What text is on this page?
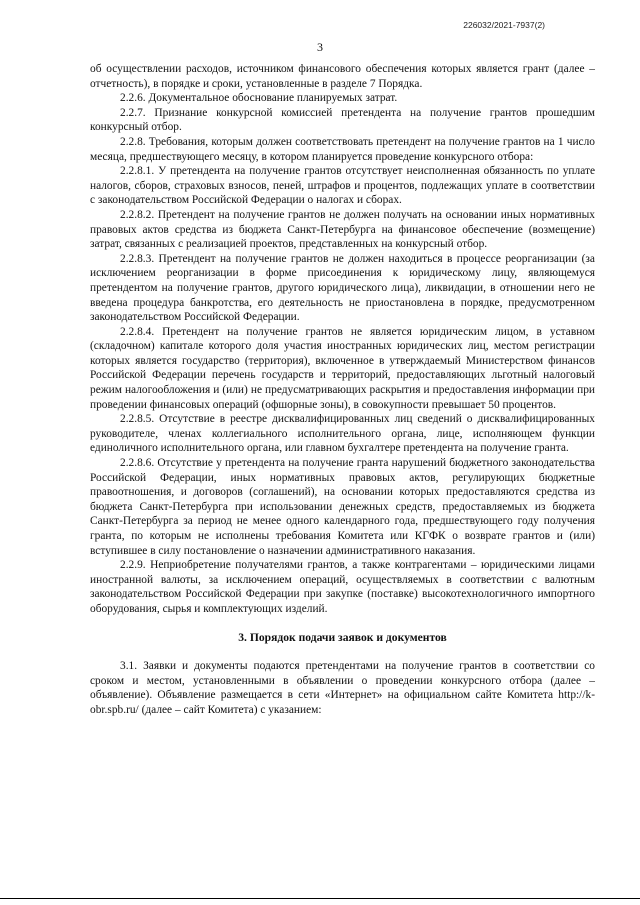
226032/2021-7937(2)
3

об осуществлении расходов, источником финансового обеспечения которых является грант (далее – отчетность), в порядке и сроки, установленные в разделе 7 Порядка.

2.2.6. Документальное обоснование планируемых затрат.

2.2.7. Признание конкурсной комиссией претендента на получение грантов прошедшим конкурсный отбор.

2.2.8. Требования, которым должен соответствовать претендент на получение грантов на 1 число месяца, предшествующего месяцу, в котором планируется проведение конкурсного отбора:

2.2.8.1. У претендента на получение грантов отсутствует неисполненная обязанность по уплате налогов, сборов, страховых взносов, пеней, штрафов и процентов, подлежащих уплате в соответствии с законодательством Российской Федерации о налогах и сборах.

2.2.8.2. Претендент на получение грантов не должен получать на основании иных нормативных правовых актов средства из бюджета Санкт-Петербурга на финансовое обеспечение (возмещение) затрат, связанных с реализацией проектов, представленных на конкурсный отбор.

2.2.8.3. Претендент на получение грантов не должен находиться в процессе реорганизации (за исключением реорганизации в форме присоединения к юридическому лицу, являющемуся претендентом на получение грантов, другого юридического лица), ликвидации, в отношении него не введена процедура банкротства, его деятельность не приостановлена в порядке, предусмотренном законодательством Российской Федерации.

2.2.8.4. Претендент на получение грантов не является юридическим лицом, в уставном (складочном) капитале которого доля участия иностранных юридических лиц, местом регистрации которых является государство (территория), включенное в утверждаемый Министерством финансов Российской Федерации перечень государств и территорий, предоставляющих льготный налоговый режим налогообложения и (или) не предусматривающих раскрытия и предоставления информации при проведении финансовых операций (офшорные зоны), в совокупности превышает 50 процентов.

2.2.8.5. Отсутствие в реестре дисквалифицированных лиц сведений о дисквалифицированных руководителе, членах коллегиального исполнительного органа, лице, исполняющем функции единоличного исполнительного органа, или главном бухгалтере претендента на получение гранта.

2.2.8.6. Отсутствие у претендента на получение гранта нарушений бюджетного законодательства Российской Федерации, иных нормативных правовых актов, регулирующих бюджетные правоотношения, и договоров (соглашений), на основании которых предоставляются средства из бюджета Санкт-Петербурга при использовании денежных средств, предоставляемых из бюджета Санкт-Петербурга за период не менее одного календарного года, предшествующего году получения гранта, по которым не исполнены требования Комитета или КГФК о возврате грантов и (или) вступившее в силу постановление о назначении административного наказания.

2.2.9. Неприобретение получателями грантов, а также контрагентами – юридическими лицами иностранной валюты, за исключением операций, осуществляемых в соответствии с валютным законодательством Российской Федерации при закупке (поставке) высокотехнологичного импортного оборудования, сырья и комплектующих изделий.

3. Порядок подачи заявок и документов

3.1. Заявки и документы подаются претендентами на получение грантов в соответствии со сроком и местом, установленными в объявлении о проведении конкурсного отбора (далее – объявление). Объявление размещается в сети «Интернет» на официальном сайте Комитета http://k-obr.spb.ru/ (далее – сайт Комитета) с указанием:
